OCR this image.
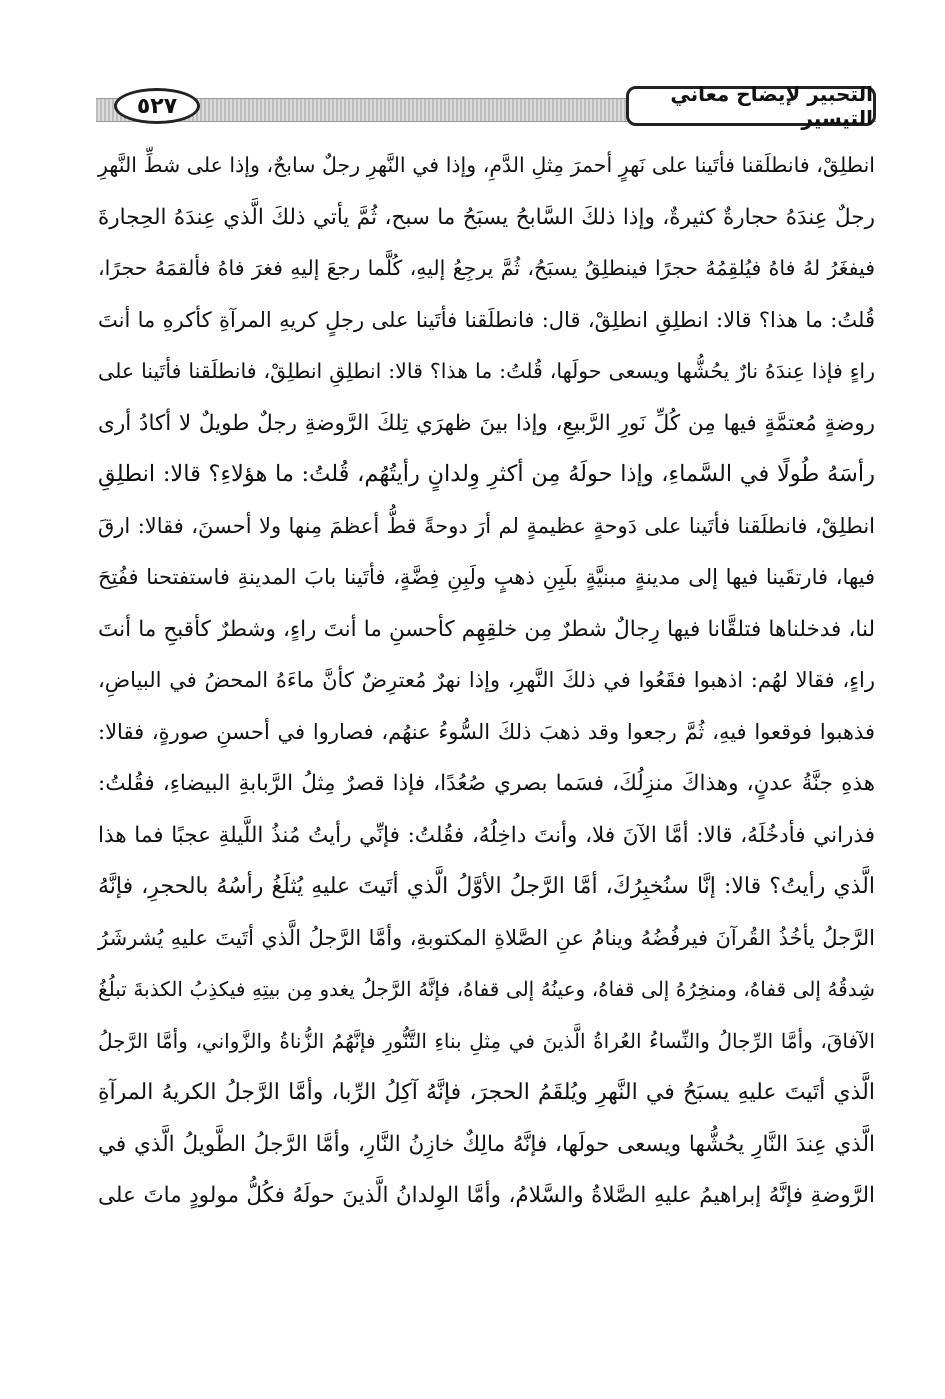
التحبير لإيضاح معاني التيسير
٥٢٧
انطلِقْ، فانطلَقنا فأتَينا على نَهرٍ أحمرَ مِثلِ الدَّمِ، وإذا في النَّهرِ رجلٌ سابحٌ، وإذا على شطِّ النَّهرِ
رجلٌ عِندَهُ حجارةٌ كثيرةٌ، وإذا ذلكَ السَّابحُ يسبَحُ ما سبح، ثُمَّ يأتي ذلكَ الَّذي عِندَهُ الحِجارةَ
فيفغَرُ لهُ فاهُ فيُلقِمُهُ حجرًا فينطلِقُ يسبَحُ، ثُمَّ يرجِعُ إليهِ، كُلَّما رجعَ إليهِ فغرَ فاهُ فألقمَهُ حجرًا،
قُلتُ: ما هذا؟ قالا: انطلِقِ انطلِقْ، قال: فانطلَقنا فأتَينا على رجلٍ كريهِ المرآةِ كأكرهِ ما أنتَ
راءٍ فإذا عِندَهُ نارٌ يحُشُّها ويسعى حولَها، قُلتُ: ما هذا؟ قالا: انطلِقِ انطلِقْ، فانطلَقنا فأتَينا على
روضةٍ مُعتمَّةٍ فيها مِن كُلِّ نَورِ الرَّبيعِ، وإذا بينَ ظهرَي تِلكَ الرَّوضةِ رجلٌ طويلٌ لا أكادُ أرى
رأسَهُ طُولًا في السَّماءِ، وإذا حولَهُ مِن أكثرِ وِلدانٍ رأيتُهُم، قُلتُ: ما هؤلاءِ؟ قالا: انطلِقِ
انطلِقْ، فانطلَقنا فأتَينا على دَوحةٍ عظيمةٍ لم أرَ دوحةً قطُّ أعظمَ مِنها ولا أحسنَ، فقالا: ارقَ
فيها، فارتقَينا فيها إلى مدينةٍ مبنيَّةٍ بلَبِنِ ذهبٍ ولَبِنِ فِضَّةٍ، فأتَينا بابَ المدينةِ فاستفتحنا ففُتِحَ
لنا، فدخلناها فتلقَّانا فيها رِجالٌ شطرٌ مِن خلقِهِم كأحسنِ ما أنتَ راءٍ، وشطرٌ كأقبحِ ما أنتَ
راءٍ، فقالا لهُم: اذهبوا فقَعُوا في ذلكَ النَّهرِ، وإذا نهرٌ مُعترِضٌ كأنَّ ماءَهُ المحضُ في البياضِ،
فذهبوا فوقعوا فيهِ، ثُمَّ رجعوا وقد ذهبَ ذلكَ السُّوءُ عنهُم، فصاروا في أحسنِ صورةٍ، فقالا:
هذهِ جنَّةُ عدنٍ، وهذاكَ منزِلُكَ، فسَما بصري صُعُدًا، فإذا قصرٌ مِثلُ الرَّبابةِ البيضاءِ، فقُلتُ:
فذراني فأدخُلَهُ، قالا: أمَّا الآنَ فلا، وأنتَ داخِلُهُ، فقُلتُ: فإنِّي رأيتُ مُنذُ اللَّيلةِ عجبًا فما هذا
الَّذي رأيتُ؟ قالا: إنَّا سنُخبِرُكَ، أمَّا الرَّجلُ الأوَّلُ الَّذي أتَيتَ عليهِ يُثلَغُ رأسُهُ بالحجرِ، فإنَّهُ
الرَّجلُ يأخُذُ القُرآنَ فيرفُضُهُ وينامُ عنِ الصَّلاةِ المكتوبةِ، وأمَّا الرَّجلُ الَّذي أتَيتَ عليهِ يُشرشَرُ
شِدقُهُ إلى قفاهُ، ومنخِرُهُ إلى قفاهُ، وعينُهُ إلى قفاهُ، فإنَّهُ الرَّجلُ يغدو مِن بيتِهِ فيكذِبُ الكذبةَ تبلُغُ
الآفاقَ، وأمَّا الرِّجالُ والنِّساءُ العُراةُ الَّذينَ في مِثلِ بناءِ التَّنُّورِ فإنَّهُمُ الزُّناةُ والزَّواني، وأمَّا الرَّجلُ
الَّذي أتَيتَ عليهِ يسبَحُ في النَّهرِ ويُلقَمُ الحجرَ، فإنَّهُ آكِلُ الرِّبا، وأمَّا الرَّجلُ الكريهُ المرآةِ
الَّذي عِندَ النَّارِ يحُشُّها ويسعى حولَها، فإنَّهُ مالِكٌ خازِنُ النَّارِ، وأمَّا الرَّجلُ الطَّويلُ الَّذي في
الرَّوضةِ فإنَّهُ إبراهيمُ عليهِ الصَّلاةُ والسَّلامُ، وأمَّا الوِلدانُ الَّذينَ حولَهُ فكُلُّ مولودٍ ماتَ على
